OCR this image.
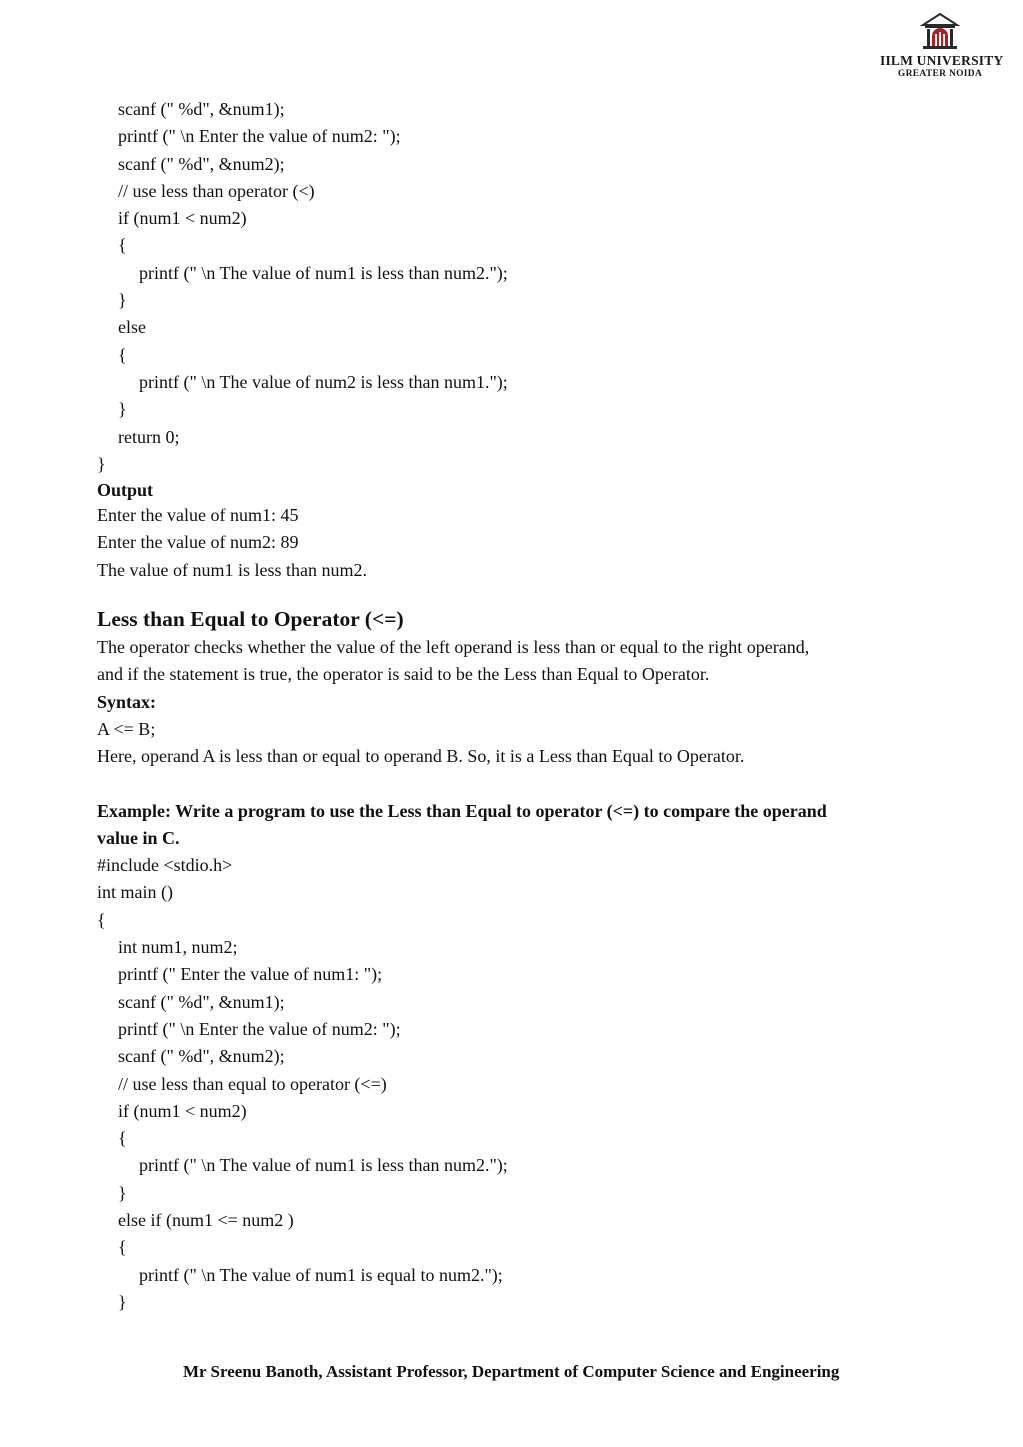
IILM UNIVERSITY
GREATER NOIDA
scanf (" %d", &num1);
printf (" \n Enter the value of num2: ");
scanf (" %d", &num2);
// use less than operator (<)
if (num1 < num2)
{
printf (" \n The value of num1 is less than num2.");
}
else
{
printf (" \n The value of num2 is less than num1.");
}
return 0;
}
Output
Enter the value of num1: 45
Enter the value of num2: 89
The value of num1 is less than num2.
Less than Equal to Operator (<=)
The operator checks whether the value of the left operand is less than or equal to the right operand,
and if the statement is true, the operator is said to be the Less than Equal to Operator.
Syntax:
A <= B;
Here, operand A is less than or equal to operand B. So, it is a Less than Equal to Operator.
Example: Write a program to use the Less than Equal to operator (<=) to compare the operand
value in C.
#include <stdio.h>
int main ()
{
int num1, num2;
printf (" Enter the value of num1: ");
scanf (" %d", &num1);
printf (" \n Enter the value of num2: ");
scanf (" %d", &num2);
// use less than equal to operator (<=)
if (num1 < num2)
{
printf (" \n The value of num1 is less than num2.");
}
else if (num1 <= num2 )
{
printf (" \n The value of num1 is equal to num2.");
}
Mr Sreenu Banoth, Assistant Professor, Department of Computer Science and Engineering
